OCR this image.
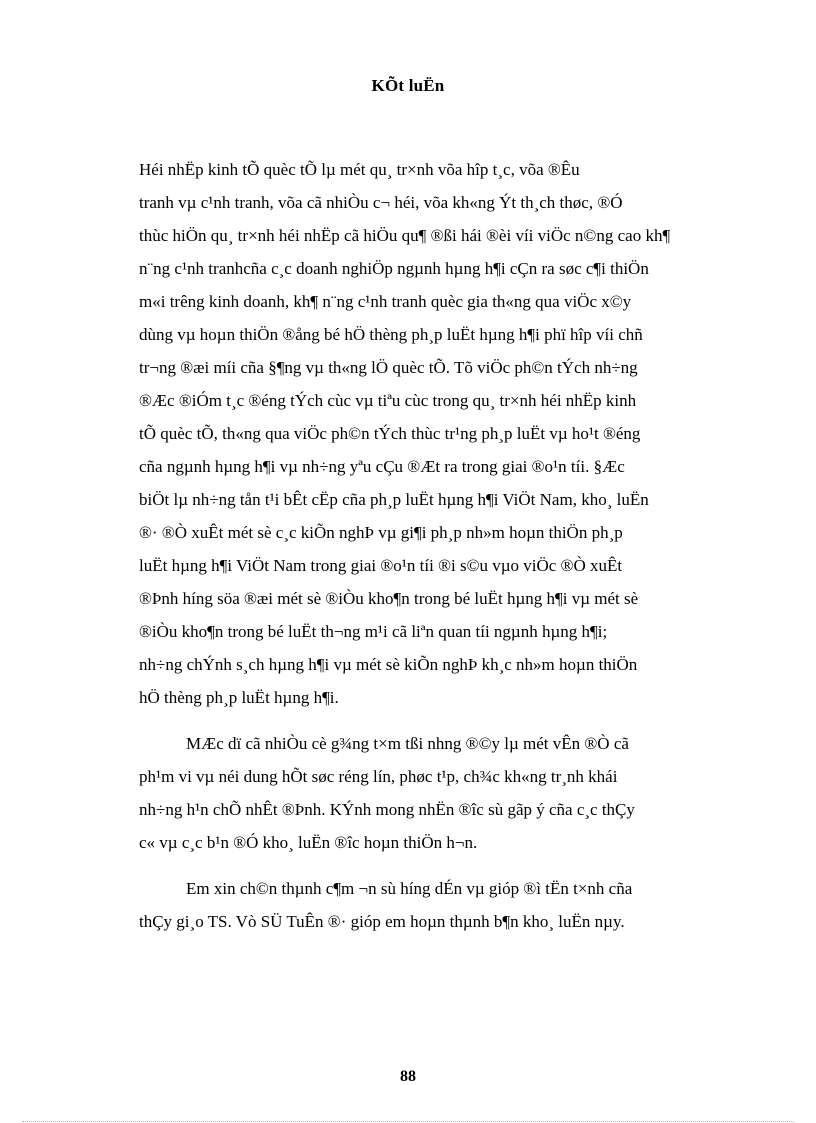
KÕt luËn
Héi nhËp kinh tÕ quèc tÕ lµ mét qu¸ tr×nh võa hîp t¸c, võa ®Êu
tranh vµ c¹nh tranh, võa cã nhiÒu c¬ héi, võa kh«ng Ýt th¸ch thøc, ®Ó
thùc hiÖn qu¸ tr×nh héi nhËp cã hiÖu qu¶ ®ßi hái ®èi víi viÖc n©ng cao kh¶
n¨ng c¹nh tranhcña c¸c doanh nghiÖp ngµnh hµng h¶i cÇn ra søc c¶i thiÖn
m«i trêng kinh doanh, kh¶ n¨ng c¹nh tranh quèc gia th«ng qua viÖc x©y
dùng vµ hoµn thiÖn ®ång bé hÖ thèng ph¸p luËt hµng h¶i phï hîp víi chñ
tr¬ng ®æi míi cña §¶ng vµ th«ng lÖ quèc tÕ. Tõ viÖc ph©n tÝch nh÷ng
®Æc ®iÓm t¸c ®éng tÝch cùc vµ tiªu cùc trong qu¸ tr×nh héi nhËp kinh
tÕ quèc tÕ, th«ng qua viÖc ph©n tÝch thùc tr¹ng ph¸p luËt vµ ho¹t ®éng
cña ngµnh hµng h¶i vµ nh÷ng yªu cÇu ®Æt ra trong giai ®o¹n tíi. §Æc
biÖt lµ nh÷ng tån t¹i bÊt cËp cña ph¸p luËt hµng h¶i ViÖt Nam, kho¸ luËn
®· ®Ò xuÊt mét sè c¸c kiÕn nghÞ vµ gi¶i ph¸p nh»m hoµn thiÖn ph¸p
luËt hµng h¶i ViÖt Nam trong giai ®o¹n tíi ®i s©u vµo viÖc ®Ò xuÊt
®Þnh híng söa ®æi mét sè ®iÒu kho¶n trong bé luËt hµng h¶i vµ mét sè
®iÒu kho¶n trong bé luËt th¬ng m¹i cã liªn quan tíi ngµnh hµng h¶i;
nh÷ng chÝnh s¸ch hµng h¶i vµ mét sè kiÕn nghÞ kh¸c nh»m hoµn thiÖn
hÖ thèng ph¸p luËt hµng h¶i.
MÆc dï cã nhiÒu cè g¾ng t×m tßi nhng ®©y lµ mét vÊn ®Ò cã
ph¹m vi vµ néi dung hÕt søc réng lín, phøc t¹p, ch¾c kh«ng tr¸nh khái
nh÷ng h¹n chÕ nhÊt ®Þnh. KÝnh mong nhËn ®îc sù gãp ý cña c¸c thÇy
c« vµ c¸c b¹n ®Ó kho¸ luËn ®îc hoµn thiÖn h¬n.
Em xin ch©n thµnh c¶m ¬n sù híng dÉn vµ gióp ®ì tËn t×nh cña
thÇy gi¸o TS. Vò SÜ TuÊn ®· gióp em hoµn thµnh b¶n kho¸ luËn nµy.
88
